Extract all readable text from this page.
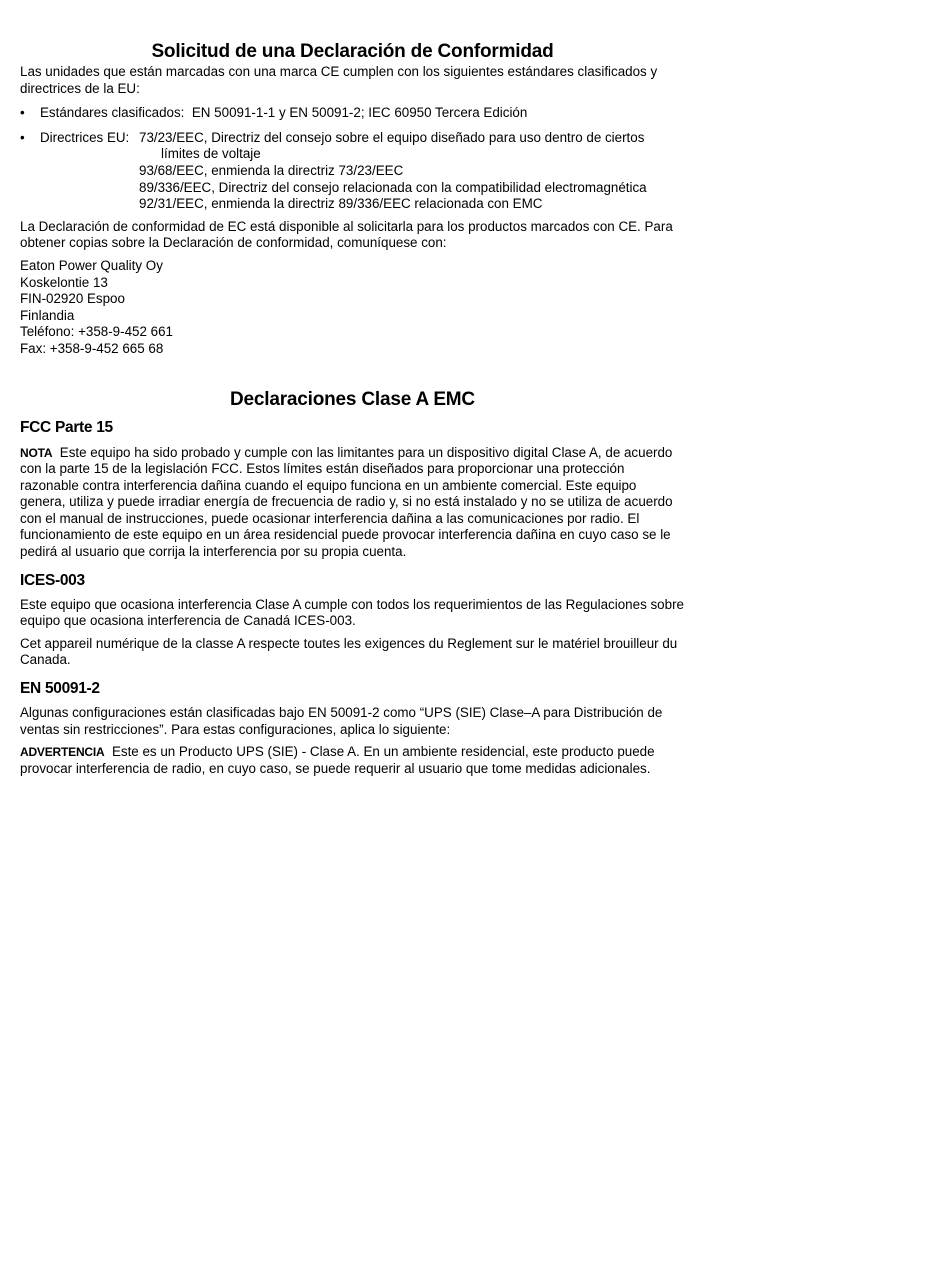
Solicitud de una Declaración de Conformidad

Las unidades que están marcadas con una marca CE cumplen con los siguientes estándares clasificados y directrices de la EU:

• Estándares clasificados: EN 50091-1-1 y EN 50091-2; IEC 60950 Tercera Edición
• Directrices EU: 73/23/EEC, Directriz del consejo sobre el equipo diseñado para uso dentro de ciertos
límites de voltaje
93/68/EEC, enmienda la directriz 73/23/EEC
89/336/EEC, Directriz del consejo relacionada con la compatibilidad electromagnética
92/31/EEC, enmienda la directriz 89/336/EEC relacionada con EMC

La Declaración de conformidad de EC está disponible al solicitarla para los productos marcados con CE. Para obtener copias sobre la Declaración de conformidad, comuníquese con:

Eaton Power Quality Oy
Koskelontie 13
FIN-02920 Espoo
Finlandia
Teléfono: +358-9-452 661
Fax: +358-9-452 665 68
Declaraciones Clase A EMC
FCC Parte 15

NOTA Este equipo ha sido probado y cumple con las limitantes para un dispositivo digital Clase A, de acuerdo con la parte 15 de la legislación FCC. Estos límites están diseñados para proporcionar una protección razonable contra interferencia dañina cuando el equipo funciona en un ambiente comercial. Este equipo genera, utiliza y puede irradiar energía de frecuencia de radio y, si no está instalado y no se utiliza de acuerdo con el manual de instrucciones, puede ocasionar interferencia dañina a las comunicaciones por radio. El funcionamiento de este equipo en un área residencial puede provocar interferencia dañina en cuyo caso se le pedirá al usuario que corrija la interferencia por su propia cuenta.

ICES-003

Este equipo que ocasiona interferencia Clase A cumple con todos los requerimientos de las Regulaciones sobre equipo que ocasiona interferencia de Canadá ICES-003.

Cet appareil numérique de la classe A respecte toutes les exigences du Reglement sur le matériel brouilleur du Canada.

EN 50091-2

Algunas configuraciones están clasificadas bajo EN 50091-2 como “UPS (SIE) Clase–A para Distribución de ventas sin restricciones”. Para estas configuraciones, aplica lo siguiente:

ADVERTENCIA Este es un Producto UPS (SIE) - Clase A. En un ambiente residencial, este producto puede provocar interferencia de radio, en cuyo caso, se puede requerir al usuario que tome medidas adicionales.
